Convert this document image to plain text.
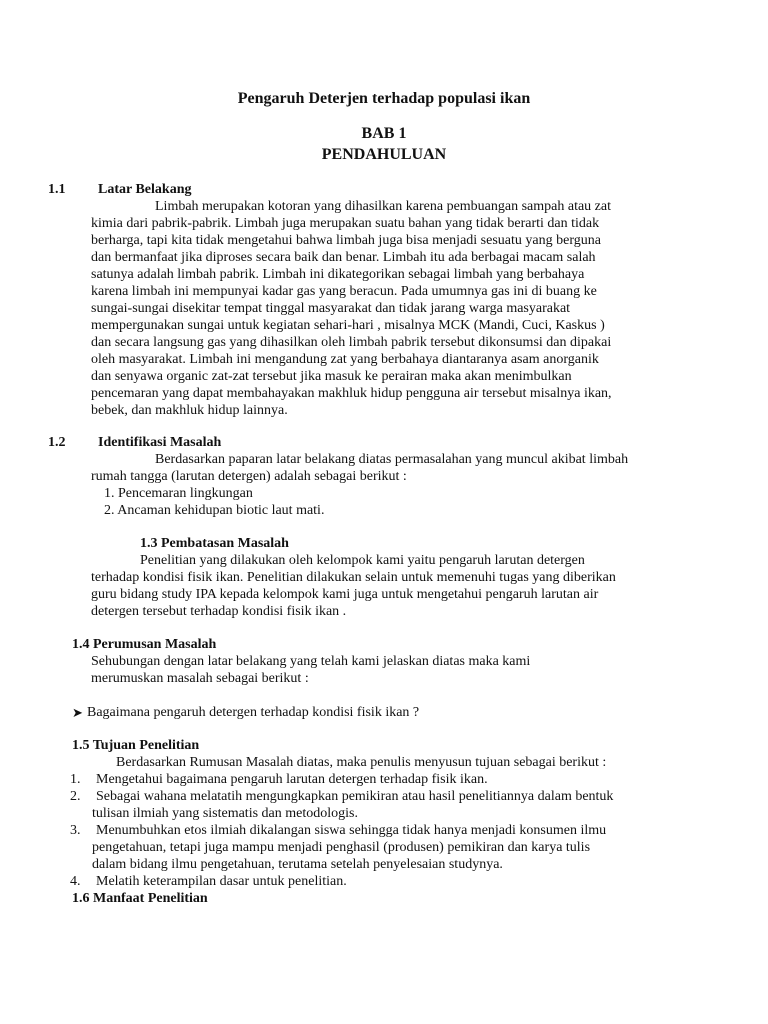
Pengaruh Deterjen terhadap populasi ikan
BAB 1
PENDAHULUAN
1.1 Latar Belakang
Limbah merupakan kotoran yang dihasilkan karena pembuangan sampah atau zat
kimia dari pabrik-pabrik. Limbah juga merupakan suatu bahan yang tidak berarti dan tidak
berharga, tapi kita tidak mengetahui bahwa limbah juga bisa menjadi sesuatu yang berguna
dan bermanfaat jika diproses secara baik dan benar. Limbah itu ada berbagai macam salah
satunya adalah limbah pabrik. Limbah ini dikategorikan sebagai limbah yang berbahaya
karena limbah ini mempunyai kadar gas yang beracun. Pada umumnya gas ini di buang ke
sungai-sungai disekitar tempat tinggal masyarakat dan tidak jarang warga masyarakat
mempergunakan sungai untuk kegiatan sehari-hari , misalnya MCK (Mandi, Cuci, Kaskus )
dan secara langsung gas yang dihasilkan oleh limbah pabrik tersebut dikonsumsi dan dipakai
oleh masyarakat. Limbah ini mengandung zat yang berbahaya diantaranya asam anorganik
dan senyawa organic zat-zat tersebut jika masuk ke perairan maka akan menimbulkan
pencemaran yang dapat membahayakan makhluk hidup pengguna air tersebut misalnya ikan,
bebek, dan makhluk hidup lainnya.
1.2 Identifikasi Masalah
Berdasarkan paparan latar belakang diatas permasalahan yang muncul akibat limbah
rumah tangga (larutan detergen) adalah sebagai berikut :
1. Pencemaran lingkungan
2. Ancaman kehidupan biotic laut mati.
1.3 Pembatasan Masalah
Penelitian yang dilakukan oleh kelompok kami yaitu pengaruh larutan detergen
terhadap kondisi fisik ikan. Penelitian dilakukan selain untuk memenuhi tugas yang diberikan
guru bidang study IPA kepada kelompok kami juga untuk mengetahui pengaruh larutan air
detergen tersebut terhadap kondisi fisik ikan .
1.4 Perumusan Masalah
Sehubungan dengan latar belakang yang telah kami jelaskan diatas maka kami
merumuskan masalah sebagai berikut :
➤ Bagaimana pengaruh detergen terhadap kondisi fisik ikan ?
1.5 Tujuan Penelitian
Berdasarkan Rumusan Masalah diatas, maka penulis menyusun tujuan sebagai berikut :
1. Mengetahui bagaimana pengaruh larutan detergen terhadap fisik ikan.
2. Sebagai wahana melatatih mengungkapkan pemikiran atau hasil penelitiannya dalam bentuk
tulisan ilmiah yang sistematis dan metodologis.
3. Menumbuhkan etos ilmiah dikalangan siswa sehingga tidak hanya menjadi konsumen ilmu
pengetahuan, tetapi juga mampu menjadi penghasil (produsen) pemikiran dan karya tulis
dalam bidang ilmu pengetahuan, terutama setelah penyelesaian studynya.
4. Melatih keterampilan dasar untuk penelitian.
1.6 Manfaat Penelitian
